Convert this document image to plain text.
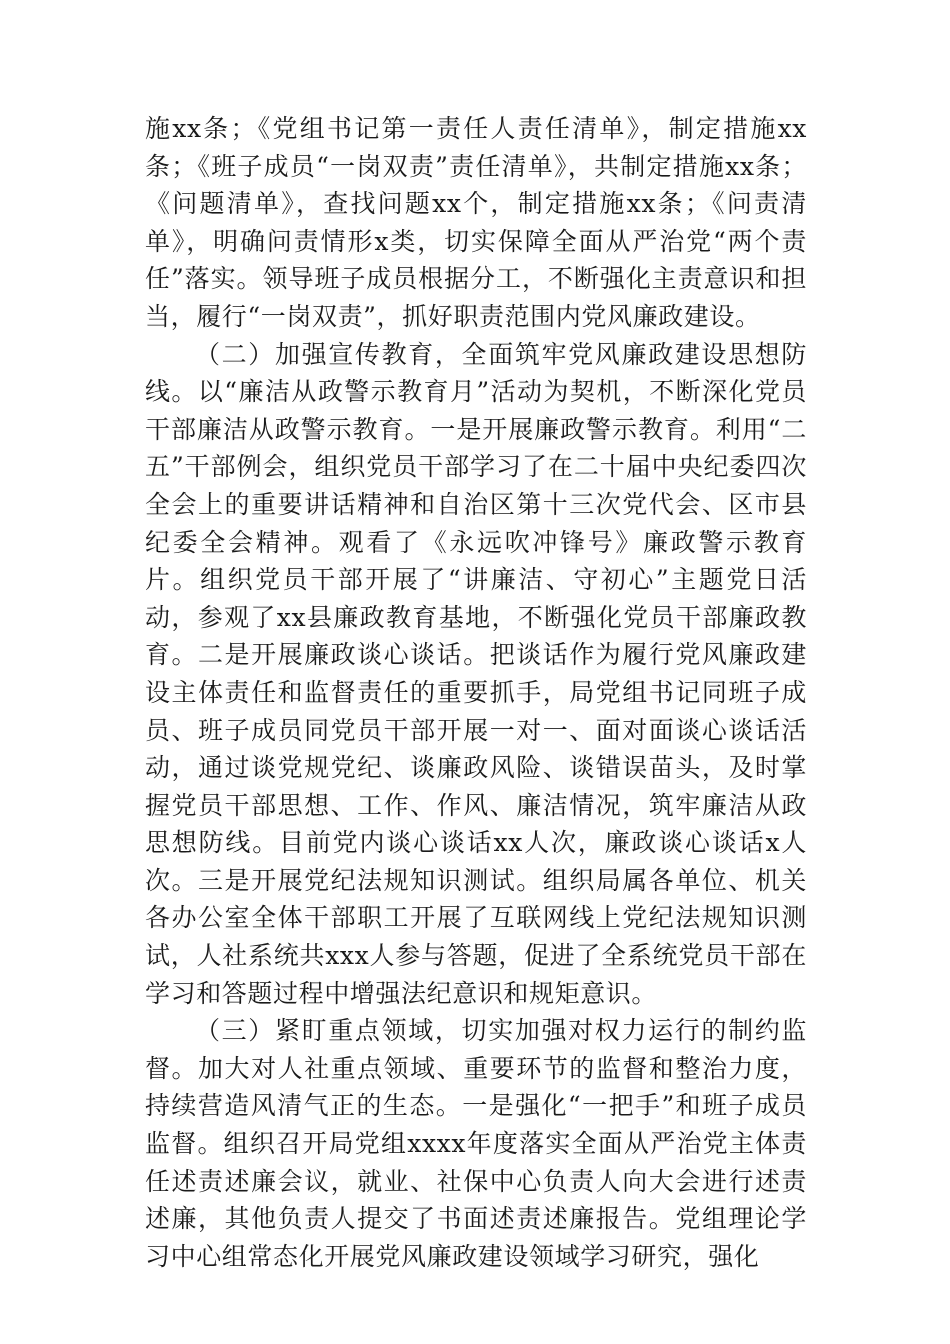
施xx条；《党组书记第一责任人责任清单》，制定措施xx条；《班子成员“一岗双责”责任清单》，共制定措施xx条；《问题清单》，查找问题xx个，制定措施xx条；《问责清单》，明确问责情形x类，切实保障全面从严治党“两个责任”落实。领导班子成员根据分工，不断强化主责意识和担当，履行“一岗双责”，抓好职责范围内党风廉政建设。

（二）加强宣传教育，全面筑牢党风廉政建设思想防线。以“廉洁从政警示教育月”活动为契机，不断深化党员干部廉洁从政警示教育。一是开展廉政警示教育。利用“二五”干部例会，组织党员干部学习了在二十届中央纪委四次全会上的重要讲话精神和自治区第十三次党代会、区市县纪委全会精神。观看了《永远吹冲锋号》廉政警示教育片。组织党员干部开展了“讲廉洁、守初心”主题党日活动，参观了xx县廉政教育基地，不断强化党员干部廉政教育。二是开展廉政谈心谈话。把谈话作为履行党风廉政建设主体责任和监督责任的重要抓手，局党组书记同班子成员、班子成员同党员干部开展一对一、面对面谈心谈话活动，通过谈党规党纪、谈廉政风险、谈错误苗头，及时掌握党员干部思想、工作、作风、廉洁情况，筑牢廉洁从政思想防线。目前党内谈心谈话xx人次，廉政谈心谈话x人次。三是开展党纪法规知识测试。组织局属各单位、机关各办公室全体干部职工开展了互联网线上党纪法规知识测试，人社系统共xxx人参与答题，促进了全系统党员干部在学习和答题过程中增强法纪意识和规矩意识。

（三）紧盯重点领域，切实加强对权力运行的制约监督。加大对人社重点领域、重要环节的监督和整治力度，持续营造风清气正的生态。一是强化“一把手”和班子成员监督。组织召开局党组xxxx年度落实全面从严治党主体责任述责述廉会议，就业、社保中心负责人向大会进行述责述廉，其他负责人提交了书面述责述廉报告。党组理论学习中心组常态化开展党风廉政建设领域学习研究，强化
